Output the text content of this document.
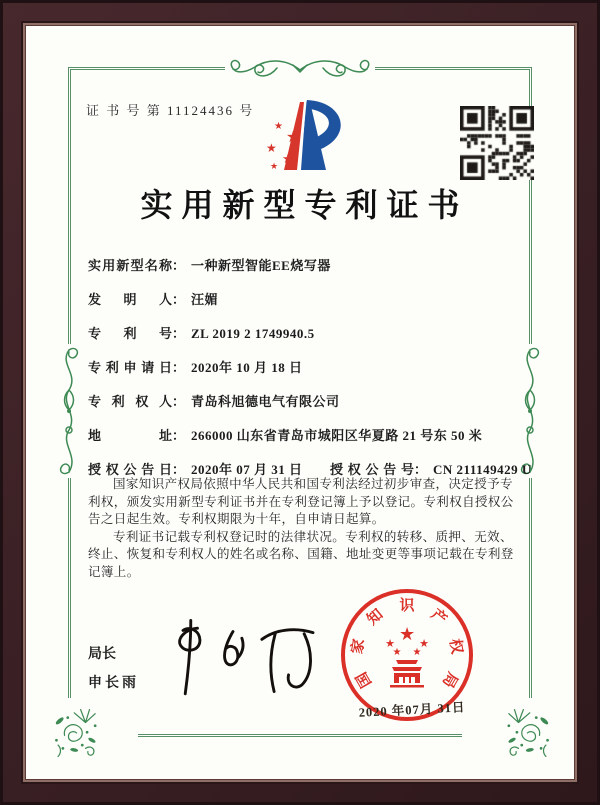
证 书 号 第 11124436 号
★
★
★
★
★
实用新型专利证书
实用新型名称 ： 一种新型智能EE烧写器
发明人 ： 汪媚
专利号 ： ZL 2019 2 1749940.5
专利申请日 ： 2020年 10 月 18 日
专利权人 ： 青岛科旭德电气有限公司
地址 ： 266000 山东省青岛市城阳区华夏路 21 号东 50 米
授权公告日 ： 2020年 07 月 31 日 授权公告号 ： CN 211149429 U

国家知识产权局依照中华人民共和国专利法经过初步审查，决定授予专利权，颁发实用新型专利证书并在专利登记簿上予以登记。专利权自授权公告之日起生效。专利权期限为十年，自申请日起算。

专利证书记载专利权登记时的法律状况。专利权的转移、质押、无效、终止、恢复和专利权人的姓名或名称、国籍、地址变更等事项记载在专利登记簿上。

局长
申长雨	国
家
知
识
产
权
局
★
★ ★
★ ★
2020 年07月 31日
